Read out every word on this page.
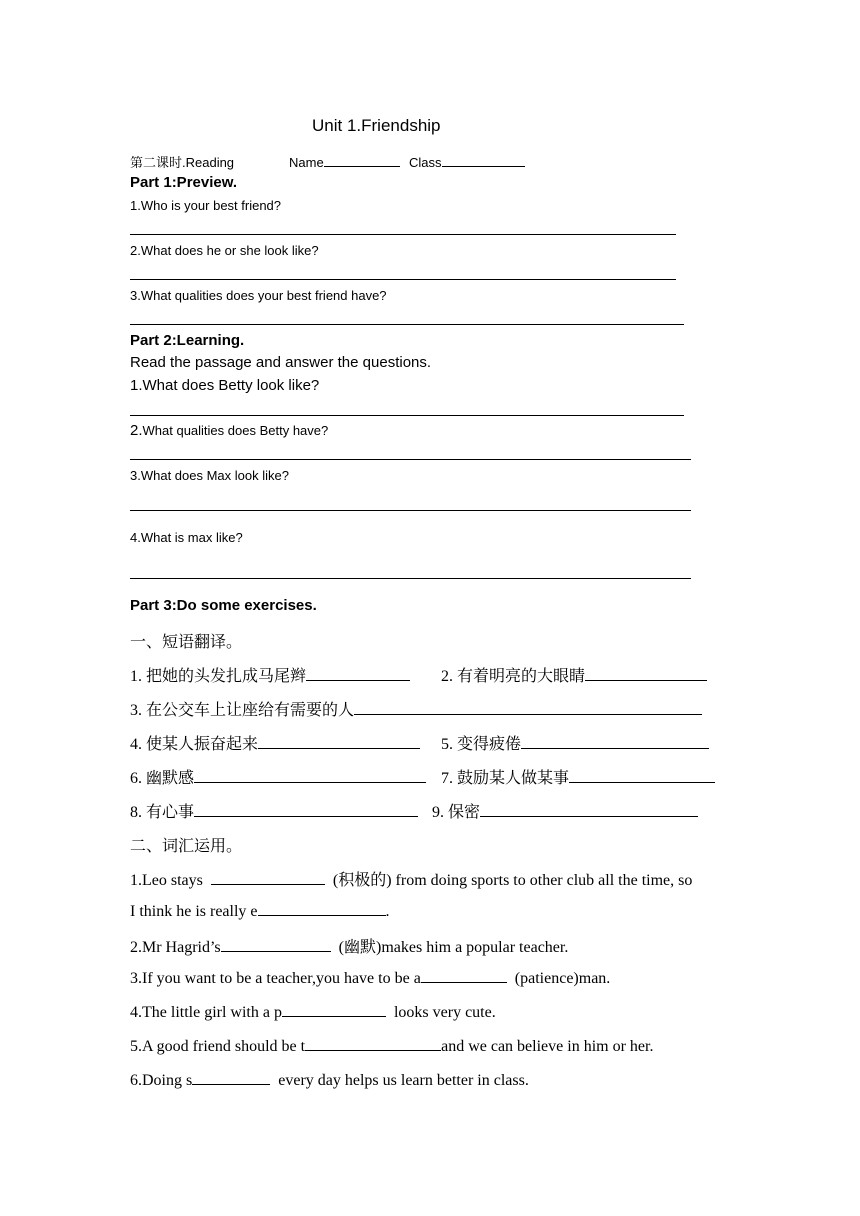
Unit 1.Friendship
第二课时.Reading	Name	Class
Part 1:Preview.
1.Who is your best friend?
2.What does he or she look like?
3.What qualities does your best friend have?
Part 2:Learning.
Read the passage and answer the questions.
1.What does Betty look like?
2.What qualities does Betty have?
3.What does Max look like?
4.What is max like?
Part 3:Do some exercises.
一、短语翻译。
1. 把她的头发扎成马尾辫	2. 有着明亮的大眼睛
3. 在公交车上让座给有需要的人
4. 使某人振奋起来	5. 变得疲倦
6. 幽默感	7. 鼓励某人做某事
8. 有心事	9. 保密
二、词汇运用。
1.Leo stays	(积极的) from doing sports to other club all the time, so
I think he is really e	.
2.Mr Hagrid’s	(幽默)makes him a popular teacher.
3.If you want to be a teacher,you have to be a	(patience)man.
4.The little girl with a p	looks very cute.
5.A good friend should be t	and we can believe in him or her.
6.Doing s	every day helps us learn better in class.
